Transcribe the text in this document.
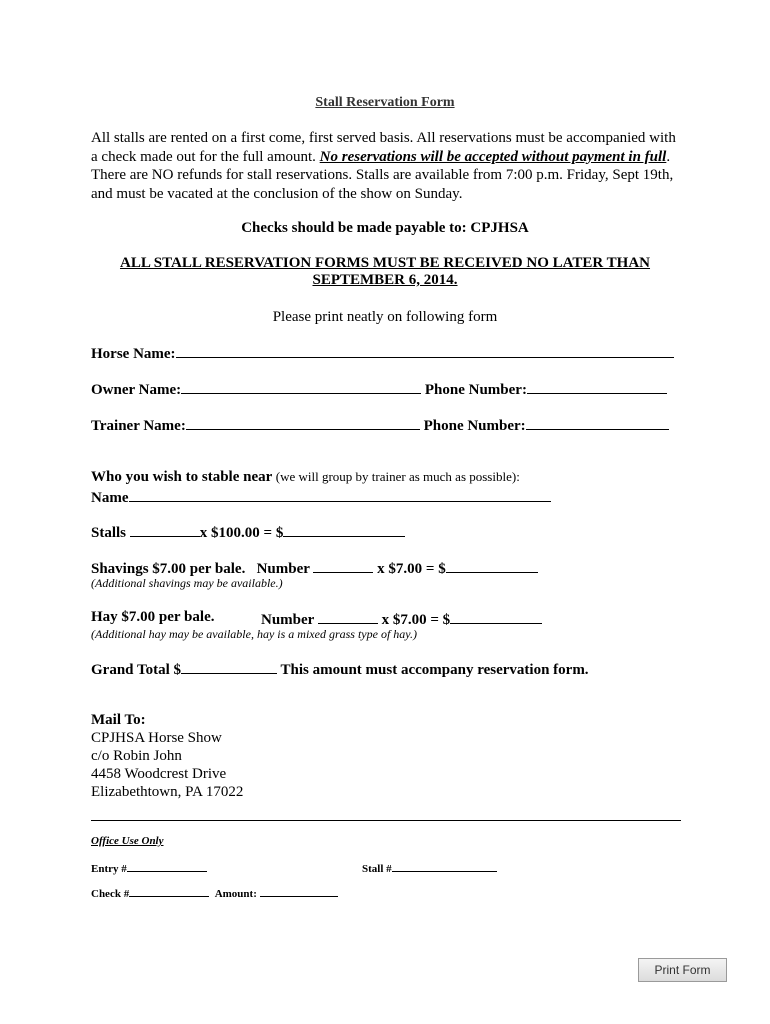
Stall Reservation Form
All stalls are rented on a first come, first served basis. All reservations must be accompanied with a check made out for the full amount. No reservations will be accepted without payment in full. There are NO refunds for stall reservations. Stalls are available from 7:00 p.m. Friday, Sept 19th, and must be vacated at the conclusion of the show on Sunday.
Checks should be made payable to: CPJHSA
ALL STALL RESERVATION FORMS MUST BE RECEIVED NO LATER THAN
SEPTEMBER 6, 2014.
Please print neatly on following form
Horse Name:
Owner Name:	Phone Number:
Trainer Name:	Phone Number:
Who you wish to stable near (we will group by trainer as much as possible):
Name
Stalls	x $100.00 = $
Shavings $7.00 per bale. Number	x $7.00 = $
(Additional shavings may be available.)
Hay $7.00 per bale.	Number	x $7.00 = $
(Additional hay may be available, hay is a mixed grass type of hay.)
Grand Total $	This amount must accompany reservation form.
Mail To:
CPJHSA Horse Show
c/o Robin John
4458 Woodcrest Drive
Elizabethtown, PA 17022
Office Use Only
Entry #	Stall #
Check #	Amount:
Print Form
